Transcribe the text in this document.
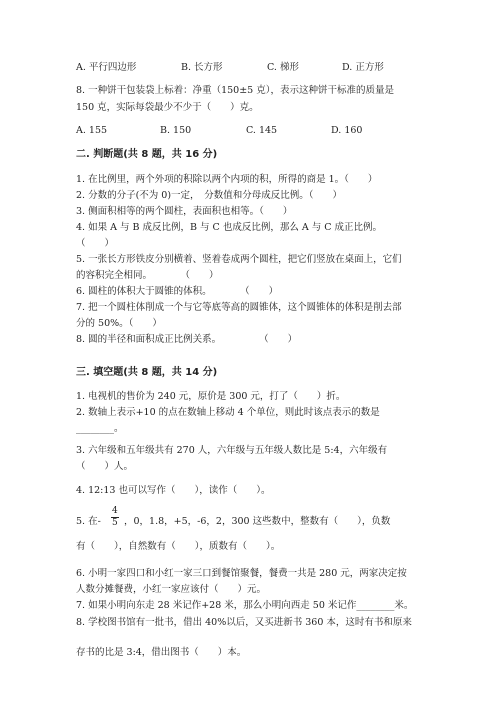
A. 平行四边形	B. 长方形	C. 梯形	D. 正方形
8. 一种饼干包装袋上标着：净重（150±5 克），表示这种饼干标准的质量是
150 克，实际每袋最少不少于（　　）克。
A. 155	B. 150	C. 145	D. 160
二. 判断题(共 8 题，共 16 分)
1. 在比例里，两个外项的积除以两个内项的积，所得的商是 1。（　　）
2. 分数的分子(不为 0)一定，　分数值和分母成反比例。（　　）
3. 侧面积相等的两个圆柱，表面积也相等。（　　）
4. 如果 A 与 B 成反比例，B 与 C 也成反比例，那么 A 与 C 成正比例。
（　　）
5. 一张长方形铁皮分别横着、竖着卷成两个圆柱，把它们竖放在桌面上，它们
的容积完全相同。　　　　（　　）
6. 圆柱的体积大于圆锥的体积。　　　　（　　）
7. 把一个圆柱体削成一个与它等底等高的圆锥体，这个圆锥体的体积是削去部
分的 50%。（　　）
8. 圆的半径和面积成正比例关系。　　　　　（　　）
三. 填空题(共 8 题，共 14 分)
1. 电视机的售价为 240 元，原价是 300 元，打了（　　）折。
2. 数轴上表示+10 的点在数轴上移动 4 个单位，则此时该点表示的数是
________。
3. 六年级和五年级共有 270 人，六年级与五年级人数比是 5:4，六年级有
（　　）人。
4. 12:13 也可以写作（　　），读作（　　）。
5. 在- $\frac{4}{5}$ ，0，1.8，+5，-6，2，300 这些数中，整数有（　　），负数
有（　　），自然数有（　　），质数有（　　）。
6. 小明一家四口和小红一家三口到餐馆聚餐，餐费一共是 280 元，两家决定按
人数分摊餐费，小红一家应该付（　　）元。
7. 如果小明向东走 28 米记作+28 米，那么小明向西走 50 米记作________米。
8. 学校图书馆有一批书，借出 40%以后，又买进新书 360 本，这时有书和原来
存书的比是 3:4，借出图书（　　）本。
